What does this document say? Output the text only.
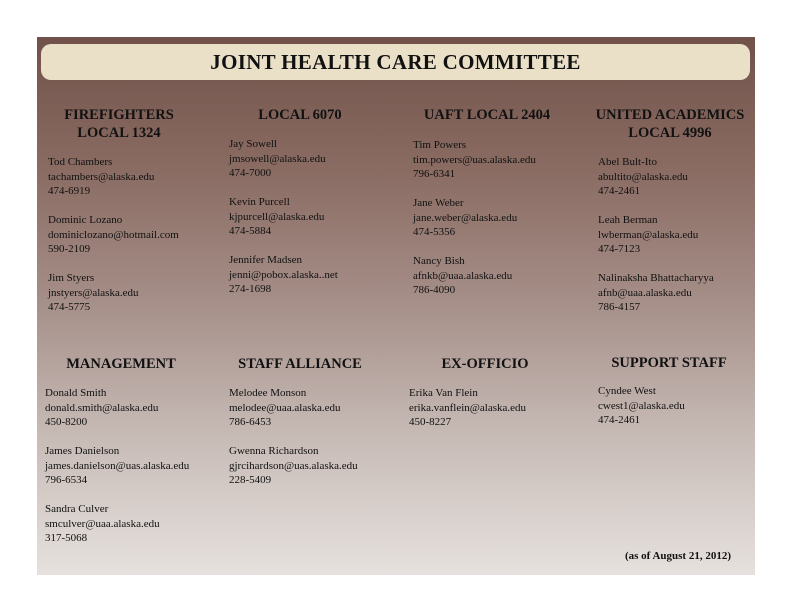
JOINT HEALTH CARE COMMITTEE
FIREFIGHTERS
LOCAL 1324
Tod Chambers
tachambers@alaska.edu
474-6919
Dominic Lozano
dominiclozano@hotmail.com
590-2109
Jim Styers
jnstyers@alaska.edu
474-5775
LOCAL 6070
Jay Sowell
jmsowell@alaska.edu
474-7000
Kevin Purcell
kjpurcell@alaska.edu
474-5884
Jennifer Madsen
jenni@pobox.alaska..net
274-1698
UAFT LOCAL 2404
Tim Powers
tim.powers@uas.alaska.edu
796-6341
Jane Weber
jane.weber@alaska.edu
474-5356
Nancy Bish
afnkb@uaa.alaska.edu
786-4090
UNITED ACADEMICS
LOCAL 4996
Abel Bult-Ito
abultito@alaska.edu
474-2461
Leah Berman
lwberman@alaska.edu
474-7123
Nalinaksha Bhattacharyya
afnb@uaa.alaska.edu
786-4157
MANAGEMENT
Donald Smith
donald.smith@alaska.edu
450-8200
James Danielson
james.danielson@uas.alaska.edu
796-6534
Sandra Culver
smculver@uaa.alaska.edu
317-5068
STAFF ALLIANCE
Melodee Monson
melodee@uaa.alaska.edu
786-6453
Gwenna Richardson
gjrcihardson@uas.alaska.edu
228-5409
EX-OFFICIO
Erika Van Flein
erika.vanflein@alaska.edu
450-8227
SUPPORT STAFF
Cyndee West
cwest1@alaska.edu
474-2461
(as of August 21, 2012)
